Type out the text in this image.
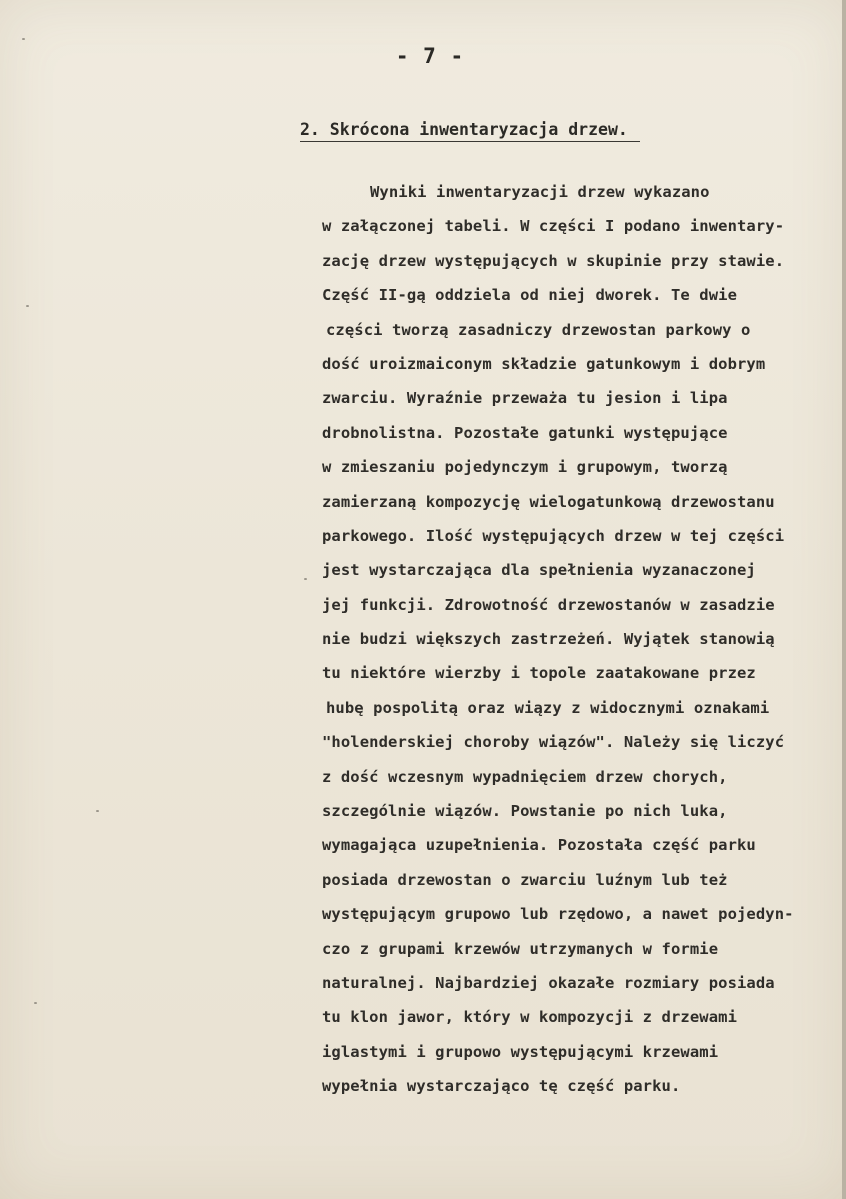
- 7 -
2. Skrócona inwentaryzacja drzew.
Wyniki inwentaryzacji drzew wykazano
w załączonej tabeli. W części I podano inwentary-
zację drzew występujących w skupinie przy stawie.
Część II-gą oddziela od niej dworek. Te dwie
części tworzą zasadniczy drzewostan parkowy o
dość uroizmaiconym składzie gatunkowym i dobrym
zwarciu. Wyraźnie przeważa tu jesion i lipa
drobnolistna. Pozostałe gatunki występujące
w zmieszaniu pojedynczym i grupowym, tworzą
zamierzaną kompozycję wielogatunkową drzewostanu
parkowego. Ilość występujących drzew w tej części
jest wystarczająca dla spełnienia wyzanaczonej
jej funkcji. Zdrowotność drzewostanów w zasadzie
nie budzi większych zastrzeżeń. Wyjątek stanowią
tu niektóre wierzby i topole zaatakowane przez
hubę pospolitą oraz wiązy z widocznymi oznakami
"holenderskiej choroby wiązów". Należy się liczyć
z dość wczesnym wypadnięciem drzew chorych,
szczególnie wiązów. Powstanie po nich luka,
wymagająca uzupełnienia. Pozostała część parku
posiada drzewostan o zwarciu luźnym lub też
występującym grupowo lub rzędowo, a nawet pojedyn-
czo z grupami krzewów utrzymanych w formie
naturalnej. Najbardziej okazałe rozmiary posiada
tu klon jawor, który w kompozycji z drzewami
iglastymi i grupowo występującymi krzewami
wypełnia wystarczająco tę część parku.
